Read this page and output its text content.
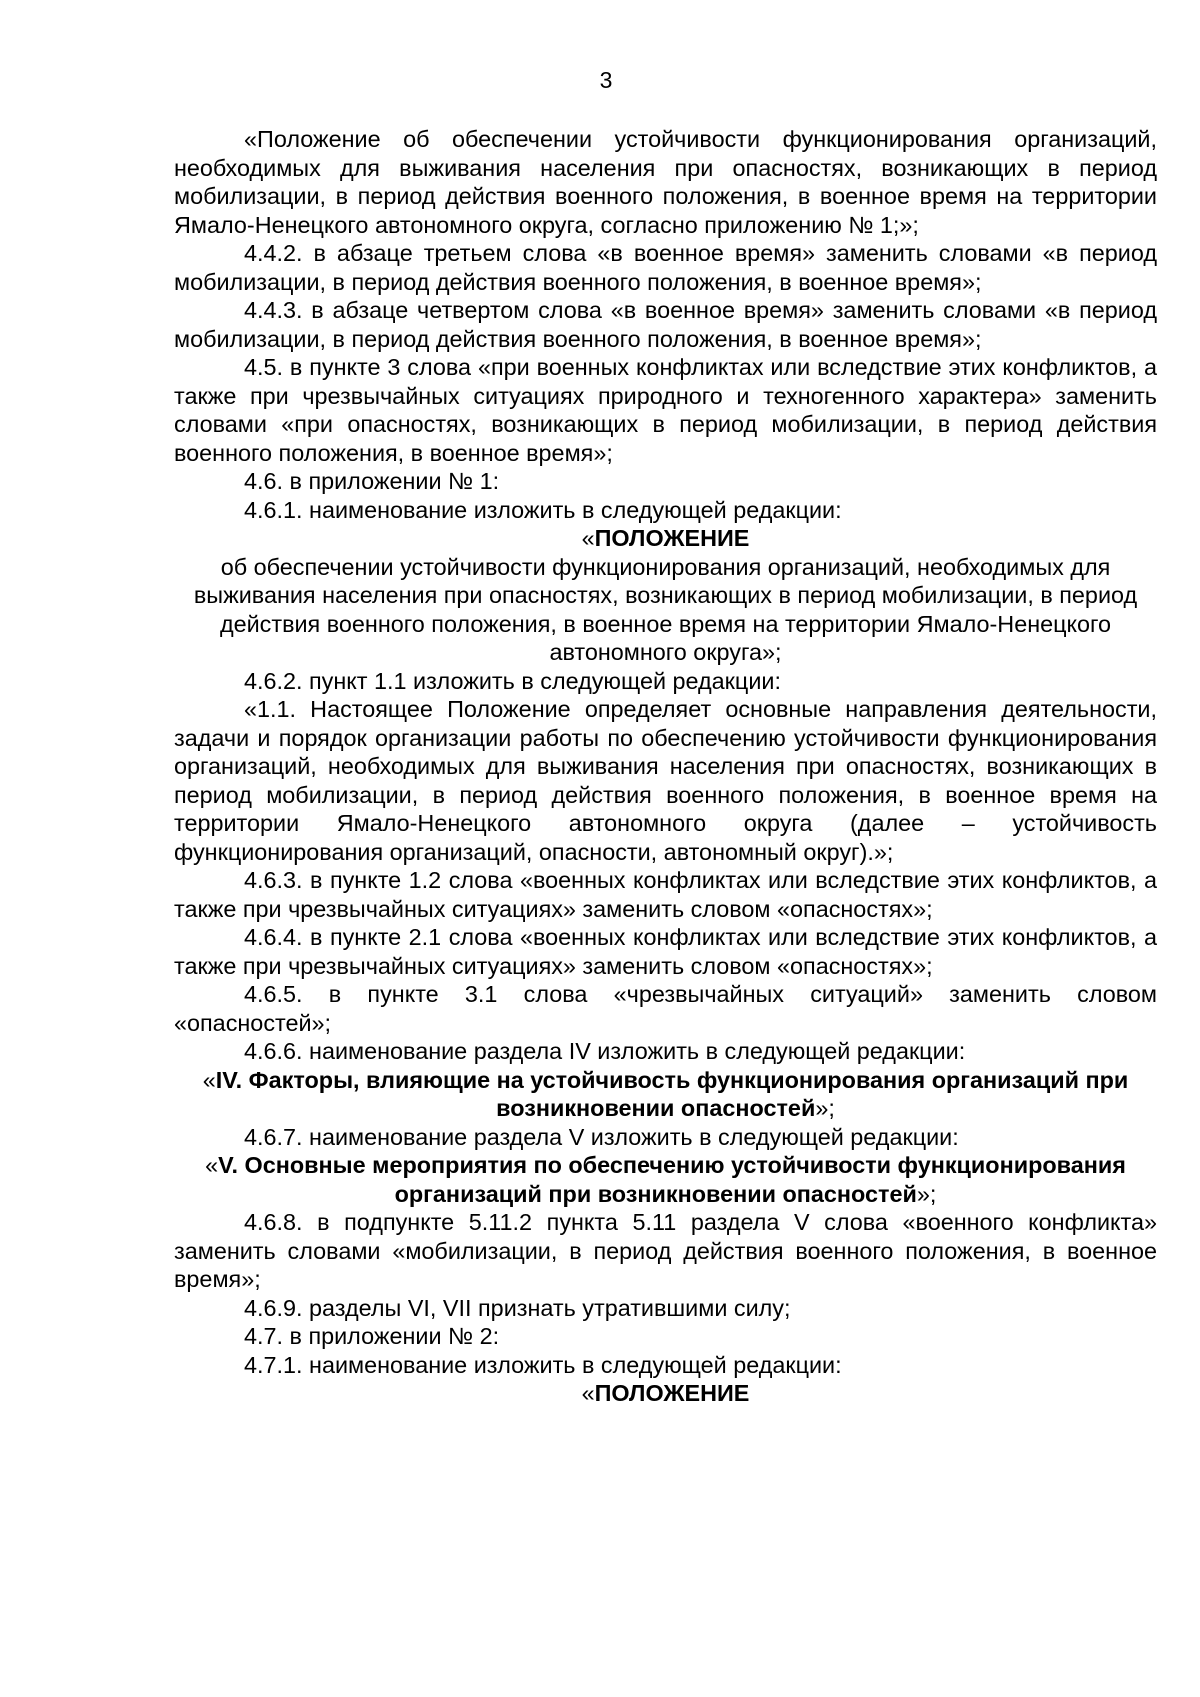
3

«Положение об обеспечении устойчивости функционирования организаций, необходимых для выживания населения при опасностях, возникающих в период мобилизации, в период действия военного положения, в военное время на территории Ямало-Ненецкого автономного округа, согласно приложению № 1;»;

4.4.2. в абзаце третьем слова «в военное время» заменить словами «в период мобилизации, в период действия военного положения, в военное время»;

4.4.3. в абзаце четвертом слова «в военное время» заменить словами «в период мобилизации, в период действия военного положения, в военное время»;

4.5. в пункте 3 слова «при военных конфликтах или вследствие этих конфликтов, а также при чрезвычайных ситуациях природного и техногенного характера» заменить словами «при опасностях, возникающих в период мобилизации, в период действия военного положения, в военное время»;

4.6. в приложении № 1:

4.6.1. наименование изложить в следующей редакции:

«ПОЛОЖЕНИЕ

об обеспечении устойчивости функционирования организаций, необходимых для выживания населения при опасностях, возникающих в период мобилизации, в период действия военного положения, в военное время на территории Ямало-Ненецкого автономного округа»;

4.6.2. пункт 1.1 изложить в следующей редакции:

«1.1. Настоящее Положение определяет основные направления деятельности, задачи и порядок организации работы по обеспечению устойчивости функционирования организаций, необходимых для выживания населения при опасностях, возникающих в период мобилизации, в период действия военного положения, в военное время на территории Ямало-Ненецкого автономного округа (далее – устойчивость функционирования организаций, опасности, автономный округ).»;

4.6.3. в пункте 1.2 слова «военных конфликтах или вследствие этих конфликтов, а также при чрезвычайных ситуациях» заменить словом «опасностях»;

4.6.4. в пункте 2.1 слова «военных конфликтах или вследствие этих конфликтов, а также при чрезвычайных ситуациях» заменить словом «опасностях»;

4.6.5. в пункте 3.1 слова «чрезвычайных ситуаций» заменить словом «опасностей»;

4.6.6. наименование раздела IV изложить в следующей редакции:

«IV. Факторы, влияющие на устойчивость функционирования организаций при возникновении опасностей»;

4.6.7. наименование раздела V изложить в следующей редакции:

«V. Основные мероприятия по обеспечению устойчивости функционирования организаций при возникновении опасностей»;

4.6.8. в подпункте 5.11.2 пункта 5.11 раздела V слова «военного конфликта» заменить словами «мобилизации, в период действия военного положения, в военное время»;

4.6.9. разделы VI, VII признать утратившими силу;

4.7. в приложении № 2:

4.7.1. наименование изложить в следующей редакции:

«ПОЛОЖЕНИЕ
